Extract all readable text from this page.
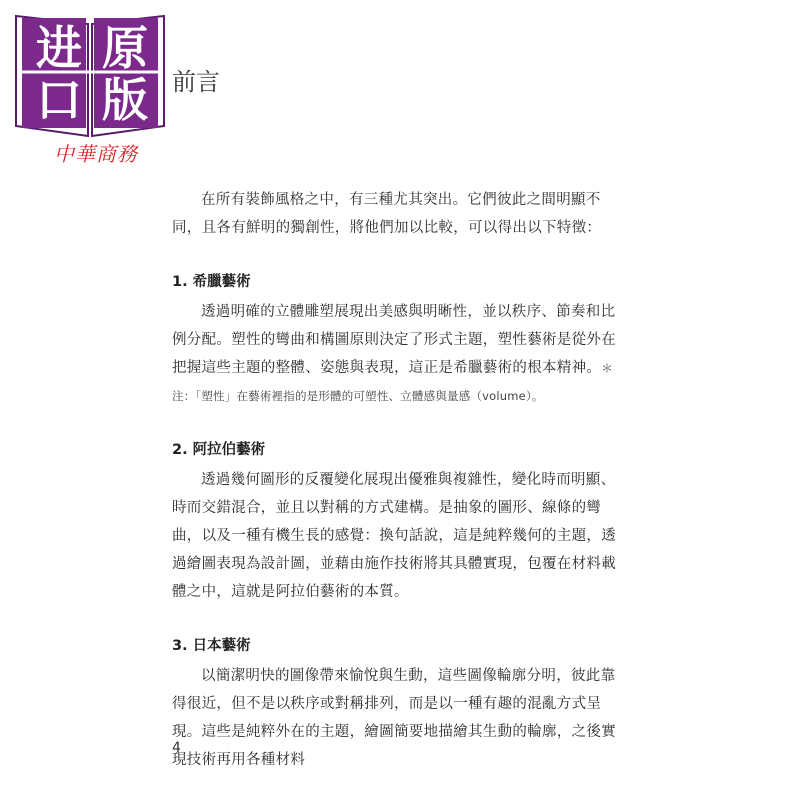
进 原
口 版
中華商務
前言

在所有裝飾風格之中，有三種尤其突出。它們彼此之間明顯不同，且各有鮮明的獨創性，將他們加以比較，可以得出以下特徵：

1. 希臘藝術

透過明確的立體雕塑展現出美感與明晰性，並以秩序、節奏和比例分配。塑性的彎曲和構圖原則決定了形式主題，塑性藝術是從外在把握這些主題的整體、姿態與表現，這正是希臘藝術的根本精神。＊注：「塑性」在藝術裡指的是形體的可塑性、立體感與量感（volume）。

2. 阿拉伯藝術

透過幾何圖形的反覆變化展現出優雅與複雜性，變化時而明顯、時而交錯混合，並且以對稱的方式建構。是抽象的圖形、線條的彎曲，以及一種有機生長的感覺：換句話說，這是純粹幾何的主題，透過繪圖表現為設計圖，並藉由施作技術將其具體實現，包覆在材料載體之中，這就是阿拉伯藝術的本質。

3. 日本藝術

以簡潔明快的圖像帶來愉悅與生動，這些圖像輪廓分明，彼此靠得很近，但不是以秩序或對稱排列，而是以一種有趣的混亂方式呈現。這些是純粹外在的主題，繪圖簡要地描繪其生動的輪廓，之後實現技術再用各種材料

4
